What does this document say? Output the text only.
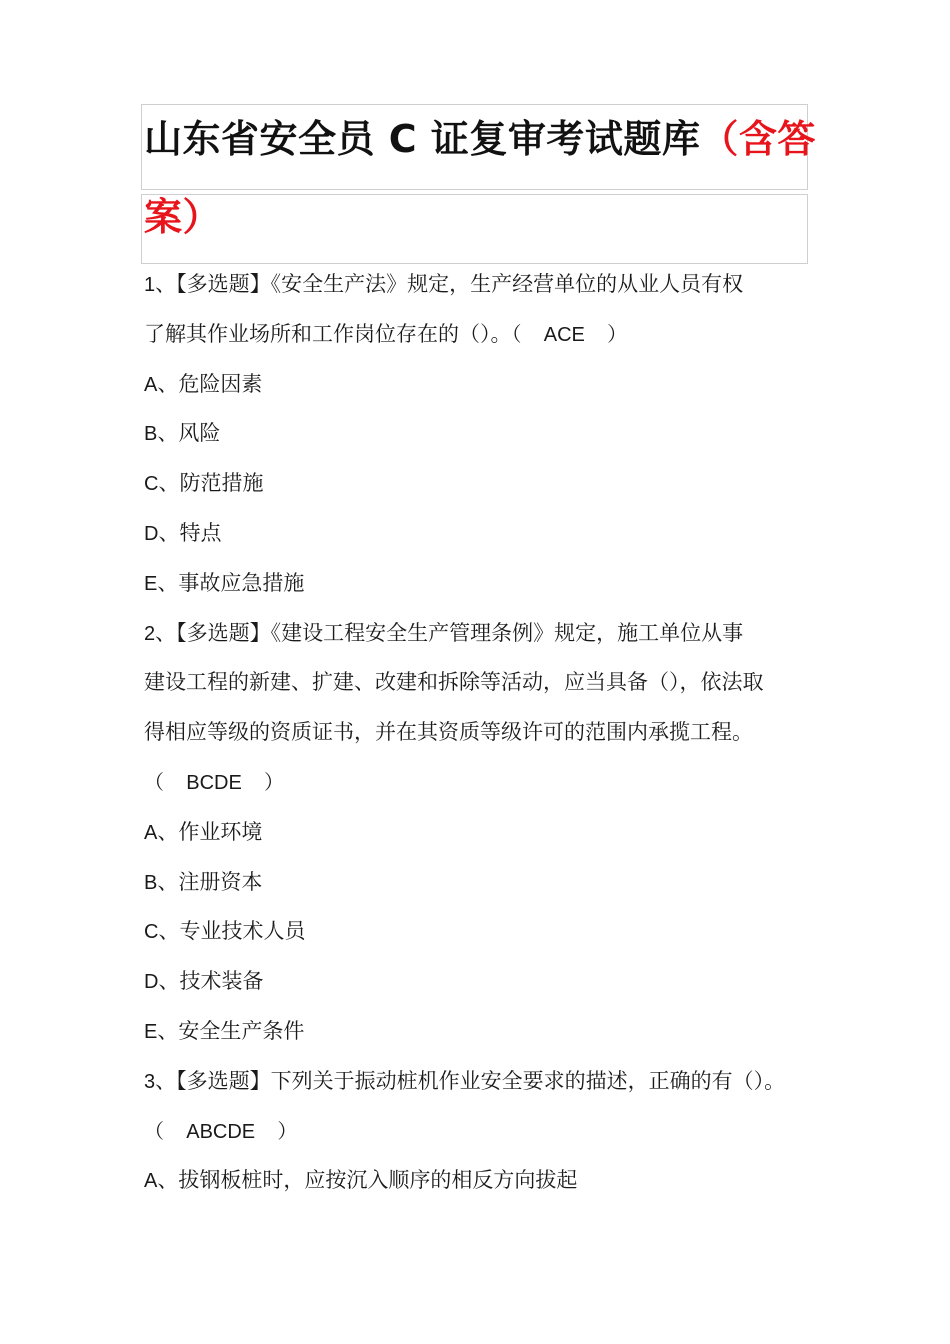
山东省安全员 C 证复审考试题库（含答
案）
1、【多选题】《安全生产法》规定，生产经营单位的从业人员有权
了解其作业场所和工作岗位存在的（）。（    ACE    ）
A、危险因素
B、风险
C、防范措施
D、特点
E、事故应急措施
2、【多选题】《建设工程安全生产管理条例》规定，施工单位从事
建设工程的新建、扩建、改建和拆除等活动，应当具备（），依法取
得相应等级的资质证书，并在其资质等级许可的范围内承揽工程。
（    BCDE    ）
A、作业环境
B、注册资本
C、专业技术人员
D、技术装备
E、安全生产条件
3、【多选题】下列关于振动桩机作业安全要求的描述，正确的有（）。
（    ABCDE    ）
A、拔钢板桩时，应按沉入顺序的相反方向拔起
